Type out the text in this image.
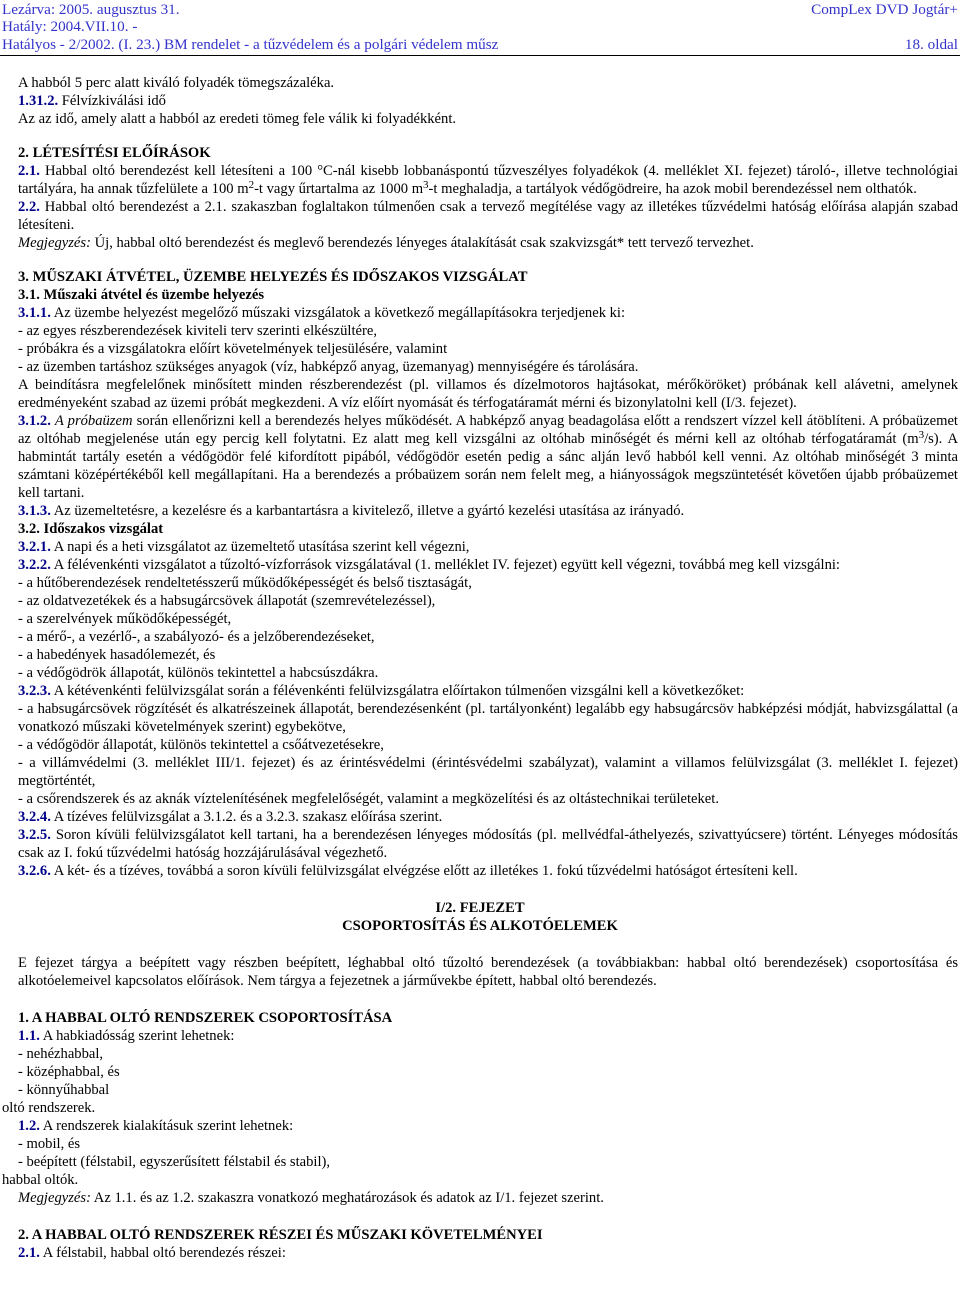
Lezárva: 2005. augusztus 31.
Hatály: 2004.VII.10. -
Hatályos - 2/2002. (I. 23.) BM rendelet - a tűzvédelem és a polgári védelem műsz
CompLex DVD Jogtár+
18. oldal

A habból 5 perc alatt kiváló folyadék tömegszázaléka.

1.31.2. Félvízkiválási idő

Az az idő, amely alatt a habból az eredeti tömeg fele válik ki folyadékként.

2. LÉTESÍTÉSI ELŐÍRÁSOK

2.1. Habbal oltó berendezést kell létesíteni a 100 °C-nál kisebb lobbanáspontú tűzveszélyes folyadékok (4. melléklet XI. fejezet) tároló-, illetve technológiai tartályára, ha annak tűzfelülete a 100 $m^2-t$ vagy űrtartalma az 1000 $m^3-t$ meghaladja, a tartályok védőgödreire, ha azok mobil berendezéssel nem olthatók.

2.2. Habbal oltó berendezést a 2.1. szakaszban foglaltakon túlmenően csak a tervező megítélése vagy az illetékes tűzvédelmi hatóság előírása alapján szabad létesíteni.

Megjegyzés: Új, habbal oltó berendezést és meglevő berendezés lényeges átalakítását csak szakvizsgát* tett tervező tervezhet.

3. MŰSZAKI ÁTVÉTEL, ÜZEMBE HELYEZÉS ÉS IDŐSZAKOS VIZSGÁLAT

3.1. Műszaki átvétel és üzembe helyezés

3.1.1. Az üzembe helyezést megelőző műszaki vizsgálatok a következő megállapításokra terjedjenek ki:

- az egyes részberendezések kiviteli terv szerinti elkészültére,

- próbákra és a vizsgálatokra előírt követelmények teljesülésére, valamint

- az üzemben tartáshoz szükséges anyagok (víz, habképző anyag, üzemanyag) mennyiségére és tárolására.

A beindításra megfelelőnek minősített minden részberendezést (pl. villamos és dízelmotoros hajtásokat, mérőköröket) próbának kell alávetni, amelynek eredményeként szabad az üzemi próbát megkezdeni. A víz előírt nyomását és térfogatáramát mérni és bizonylatolni kell (I/3. fejezet).

3.1.2. A próbaüzem során ellenőrizni kell a berendezés helyes működését. A habképző anyag beadagolása előtt a rendszert vízzel kell átöblíteni. A próbaüzemet az oltóhab megjelenése után egy percig kell folytatni. Ez alatt meg kell vizsgálni az oltóhab minőségét és mérni kell az oltóhab térfogatáramát $(m^3/s)$. A habmintát tartály esetén a védőgödör felé kifordított pipából, védőgödör esetén pedig a sánc alján levő habból kell venni. Az oltóhab minőségét 3 minta számtani középértékéből kell megállapítani. Ha a berendezés a próbaüzem során nem felelt meg, a hiányosságok megszüntetését követően újabb próbaüzemet kell tartani.

3.1.3. Az üzemeltetésre, a kezelésre és a karbantartásra a kivitelező, illetve a gyártó kezelési utasítása az irányadó.

3.2. Időszakos vizsgálat

3.2.1. A napi és a heti vizsgálatot az üzemeltető utasítása szerint kell végezni,

3.2.2. A félévenkénti vizsgálatot a tűzoltó-vízforrások vizsgálatával (1. melléklet IV. fejezet) együtt kell végezni, továbbá meg kell vizsgálni:

- a hűtőberendezések rendeltetésszerű működőképességét és belső tisztaságát,

- az oldatvezetékek és a habsugárcsövek állapotát (szemrevételezéssel),

- a szerelvények működőképességét,

- a mérő-, a vezérlő-, a szabályozó- és a jelzőberendezéseket,

- a habedények hasadólemezét, és

- a védőgödrök állapotát, különös tekintettel a habcsúszdákra.

3.2.3. A kétévenkénti felülvizsgálat során a félévenkénti felülvizsgálatra előírtakon túlmenően vizsgálni kell a következőket:

- a habsugárcsövek rögzítését és alkatrészeinek állapotát, berendezésenként (pl. tartályonként) legalább egy habsugárcsöv habképzési módját, habvizsgálattal (a vonatkozó műszaki követelmények szerint) egybekötve,

- a védőgödör állapotát, különös tekintettel a csőátvezetésekre,

- a villámvédelmi (3. melléklet III/1. fejezet) és az érintésvédelmi (érintésvédelmi szabályzat), valamint a villamos felülvizsgálat (3. melléklet I. fejezet) megtörténtét,

- a csőrendszerek és az aknák víztelenítésének megfelelőségét, valamint a megközelítési és az oltástechnikai területeket.

3.2.4. A tízéves felülvizsgálat a 3.1.2. és a 3.2.3. szakasz előírása szerint.

3.2.5. Soron kívüli felülvizsgálatot kell tartani, ha a berendezésen lényeges módosítás (pl. mellvédfal-áthelyezés, szivattyúcsere) történt. Lényeges módosítás csak az I. fokú tűzvédelmi hatóság hozzájárulásával végezhető.

3.2.6. A két- és a tízéves, továbbá a soron kívüli felülvizsgálat elvégzése előtt az illetékes 1. fokú tűzvédelmi hatóságot értesíteni kell.

I/2. FEJEZET

CSOPORTOSÍTÁS ÉS ALKOTÓELEMEK

E fejezet tárgya a beépített vagy részben beépített, léghabbal oltó tűzoltó berendezések (a továbbiakban: habbal oltó berendezések) csoportosítása és alkotóelemeivel kapcsolatos előírások. Nem tárgya a fejezetnek a járművekbe épített, habbal oltó berendezés.

1. A HABBAL OLTÓ RENDSZEREK CSOPORTOSÍTÁSA

1.1. A habkiadósság szerint lehetnek:

- nehézhabbal,

- középhabbal, és

- könnyűhabbal

oltó rendszerek.

1.2. A rendszerek kialakításuk szerint lehetnek:

- mobil, és

- beépített (félstabil, egyszerűsített félstabil és stabil),

habbal oltók.

Megjegyzés: Az 1.1. és az 1.2. szakaszra vonatkozó meghatározások és adatok az I/1. fejezet szerint.

2. A HABBAL OLTÓ RENDSZEREK RÉSZEI ÉS MŰSZAKI KÖVETELMÉNYEI

2.1. A félstabil, habbal oltó berendezés részei:
